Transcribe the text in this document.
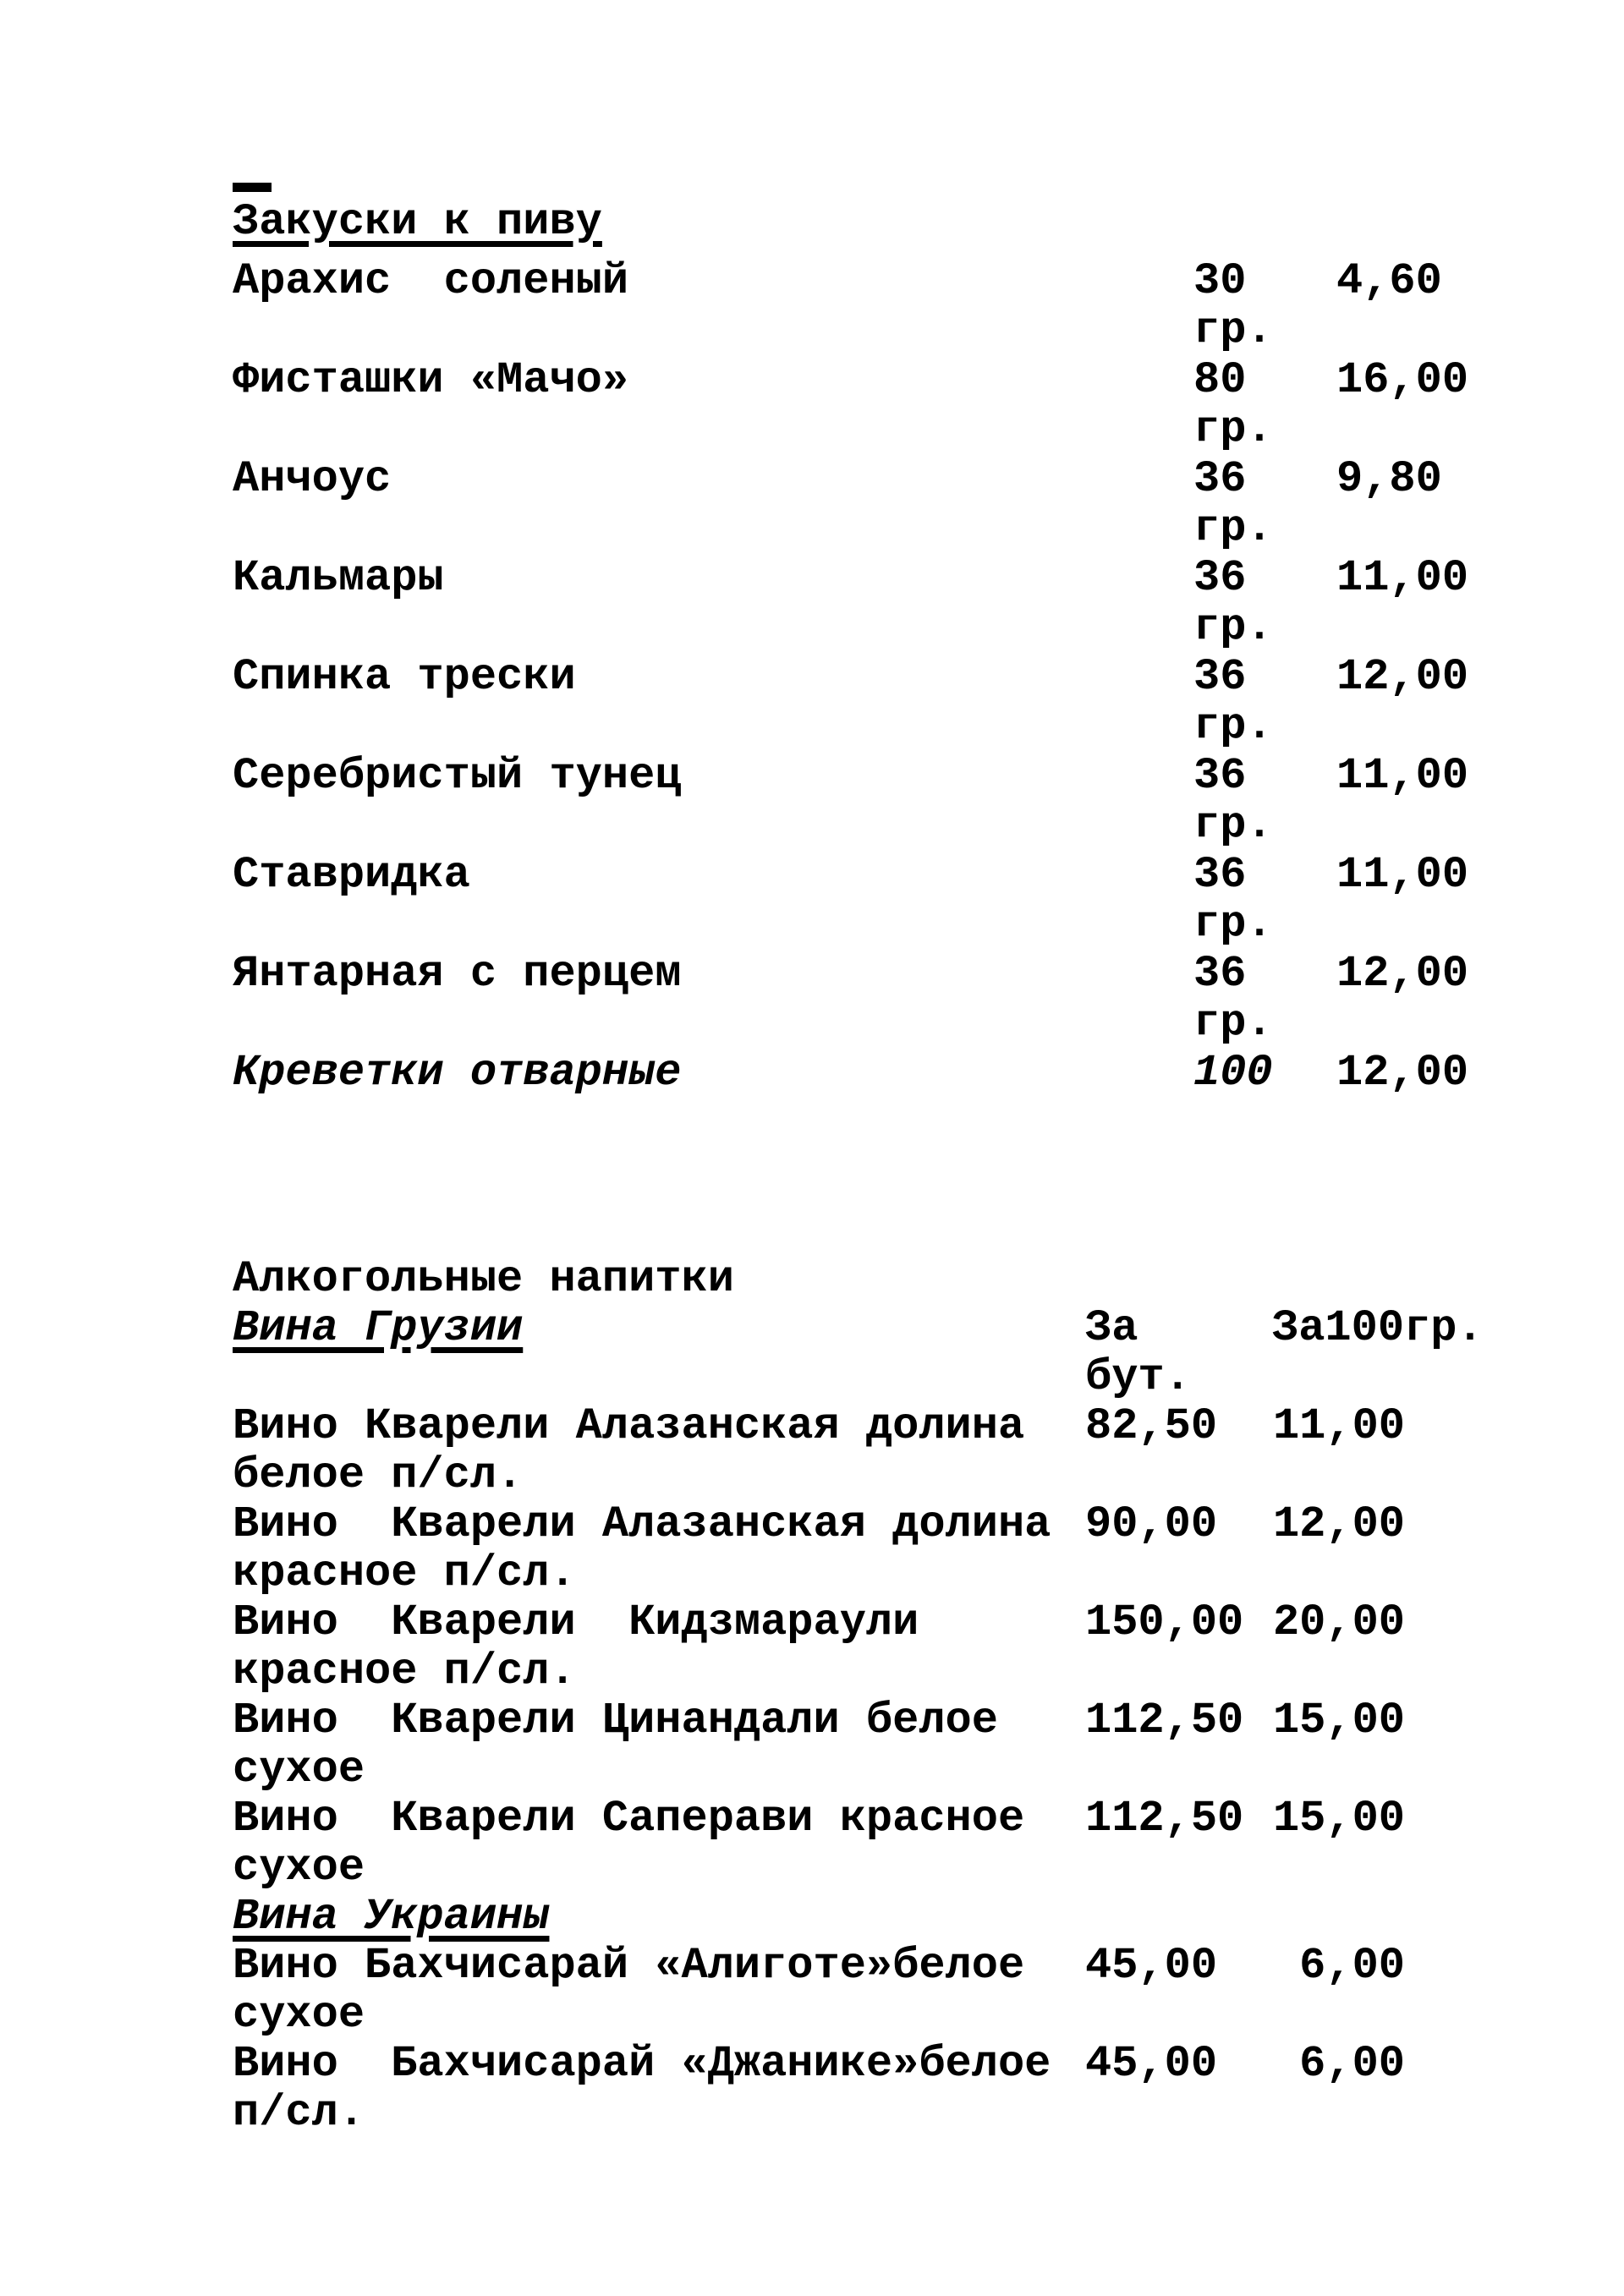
Закуски к пиву
Арахис  соленый	30 4,60
гр.
Фисташки «Мачо»	80 16,00
гр.
Анчоус	36 9,80
гр.
Кальмары	36 11,00
гр.
Спинка трески	36 12,00
гр.
Серебристый тунец	36 11,00
гр.
Ставридка	36 11,00
гр.
Янтарная с перцем	36 12,00
гр.
Креветки отварные	100 12,00
Алкогольные напитки
Вина Грузии	За	За100гр.
бут.
Вино Кварели Алазанская долина 82,50 11,00
белое п/сл.
Вино  Кварели Алазанская долина 90,00 12,00
красное п/сл.
Вино  Кварели  Кидзмараули	150,00 20,00
красное п/сл.
Вино  Кварели Цинандали белое 112,50 15,00
сухое
Вино  Кварели Саперави красное 112,50 15,00
сухое
Вина Украины
Вино Бахчисарай «Алиготе»белое 45,00	6,00
сухое
Вино  Бахчисарай «Джанике»белое 45,00	6,00
п/сл.
